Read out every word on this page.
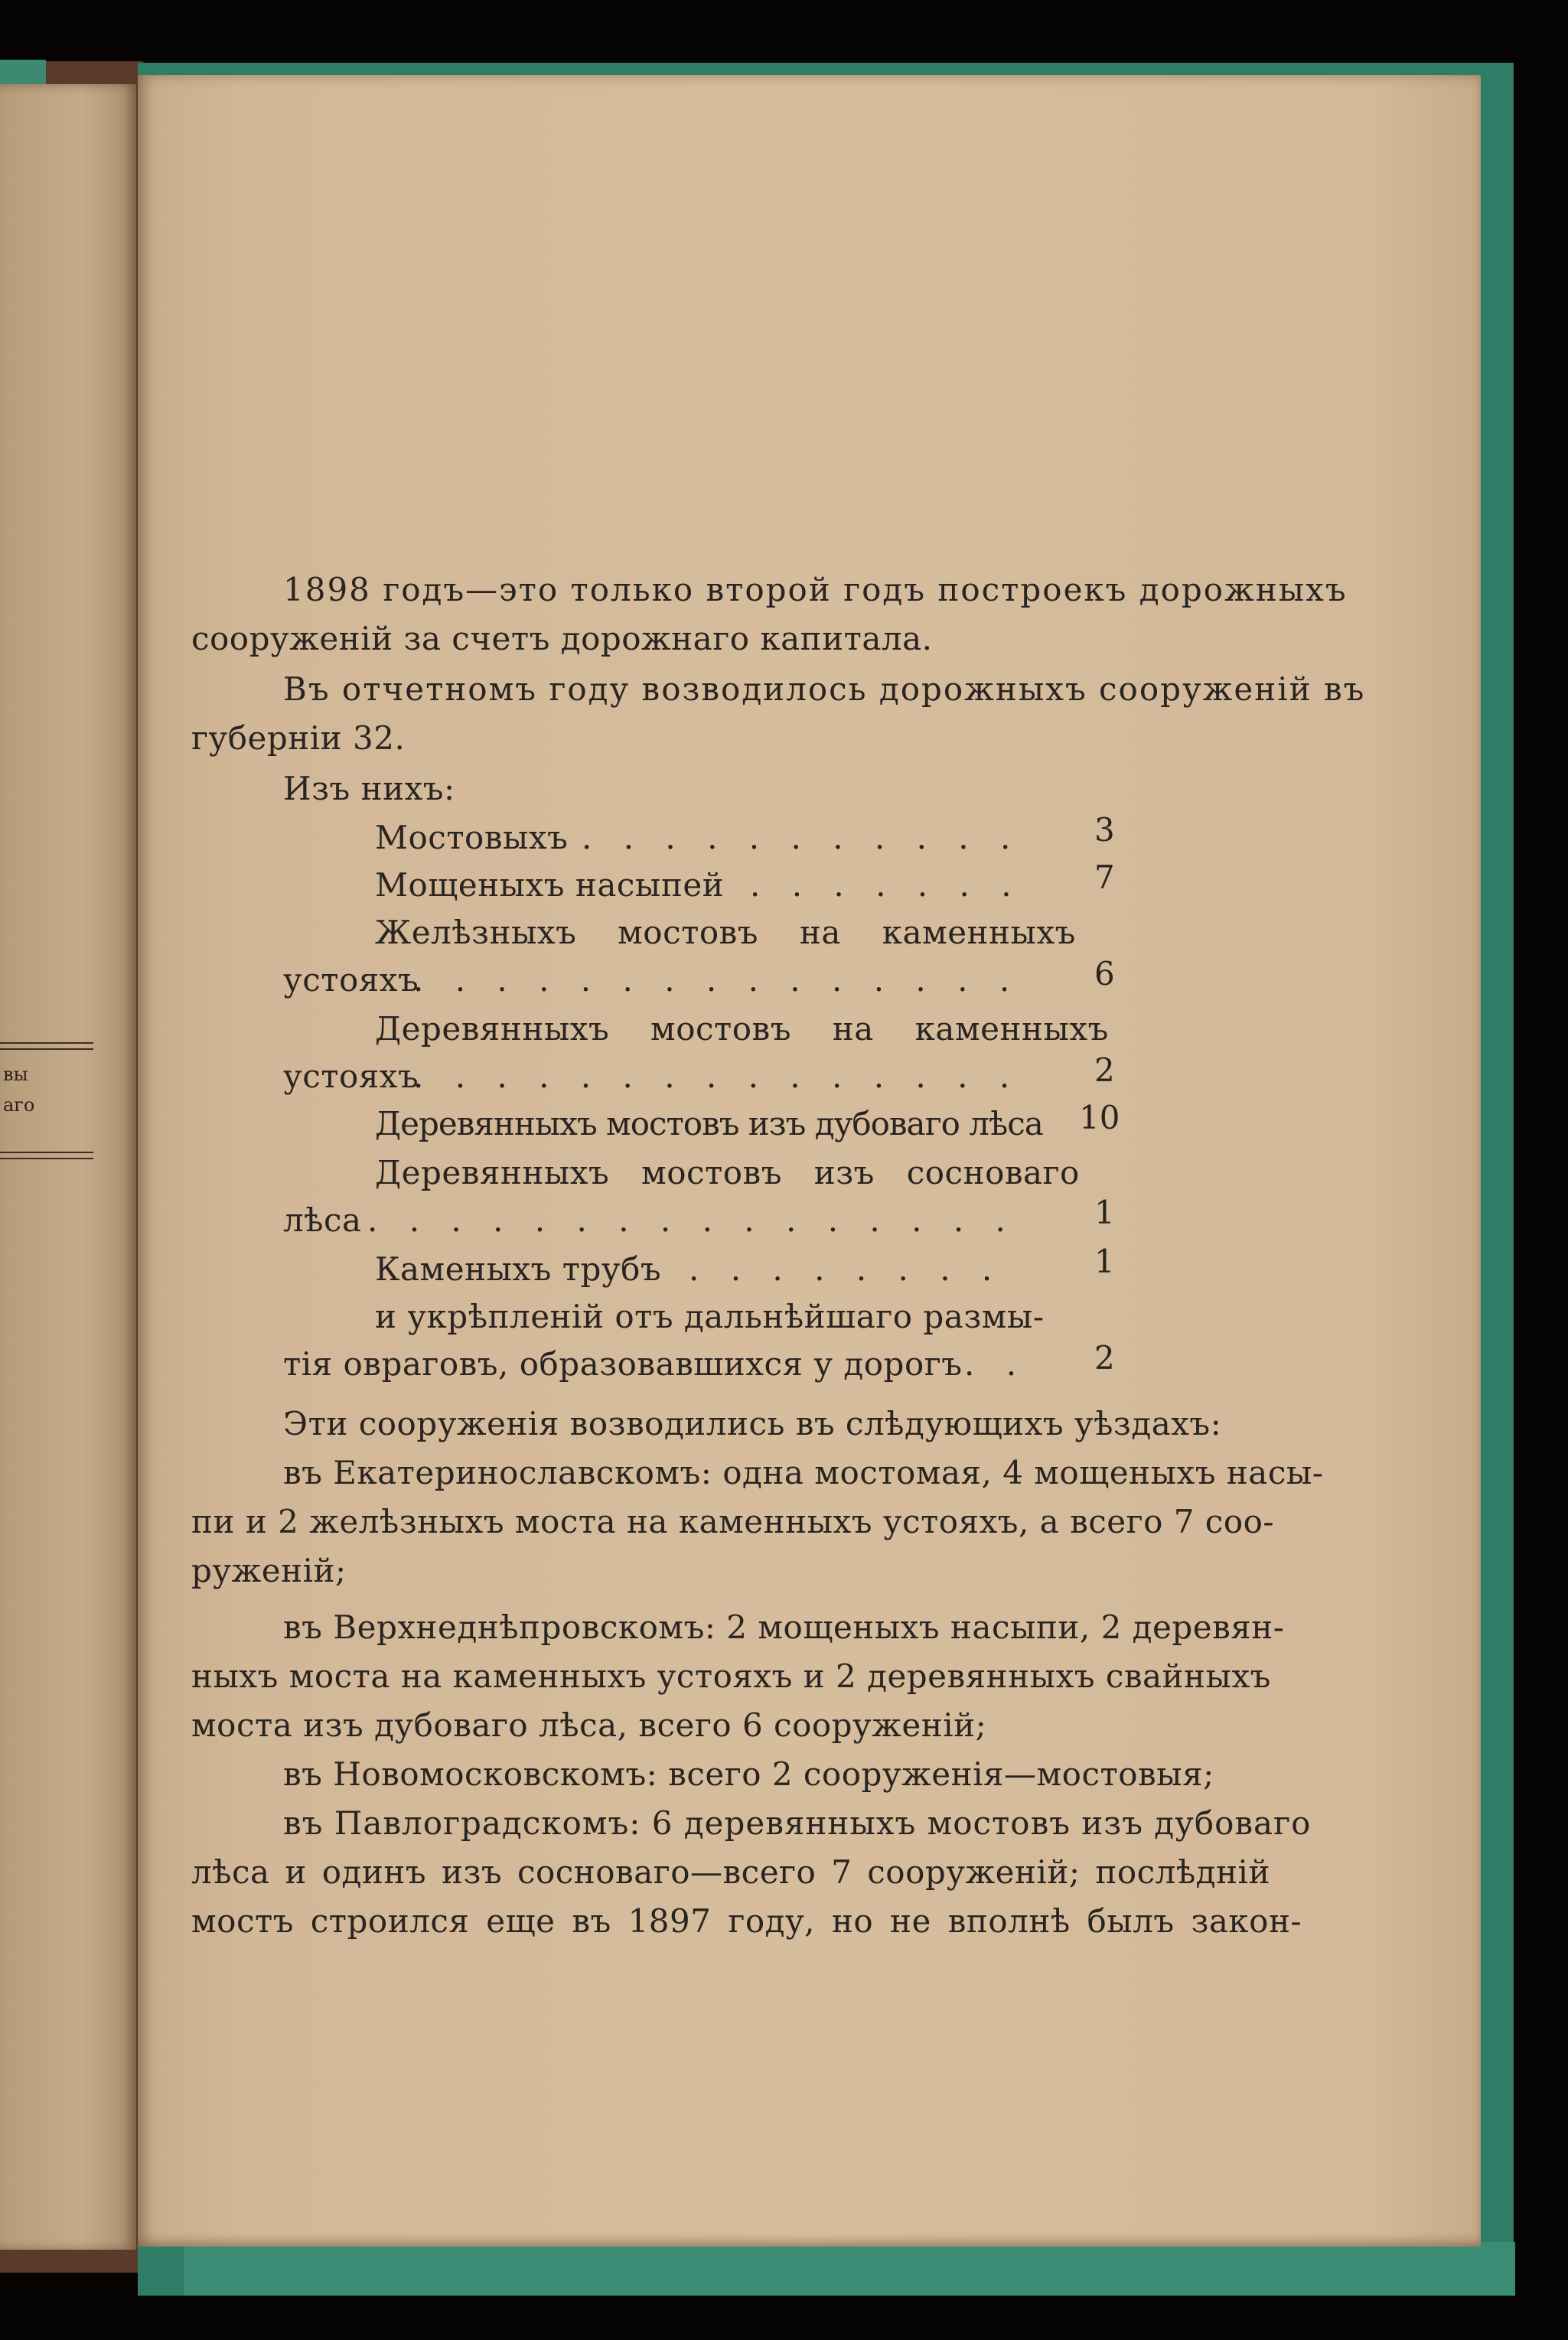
вы
аго
1898 годъ—это только второй годъ построекъ дорожныхъ
сооруженій за счетъ дорожнаго капитала.
Въ отчетномъ году возводилось дорожныхъ сооруженій въ
губерніи 32.
Изъ нихъ:
Мостовыхъ . . . . . . . . . . . 3
Мощеныхъ насыпей . . . . . . . 7
Желѣзныхъ мостовъ на каменныхъ
устояхъ
. . . . . . . . . . . . . . . 6
Деревянныхъ мостовъ на каменныхъ
устояхъ
. . . . . . . . . . . . . . . 2
Деревянныхъ мостовъ изъ дубоваго лѣса 10
Деревянныхъ мостовъ изъ сосноваго
лѣса . . . . . . . . . . . . . . . . 1
Каменыхъ трубъ . . . . . . . .	1
и укрѣпленій отъ дальнѣйшаго размы-
тія овраговъ, образовавшихся у дорогъ . . 2
Эти сооруженія возводились въ слѣдующихъ уѣздахъ:
въ Екатеринославскомъ: одна мостомая, 4 мощеныхъ насы-
пи и 2 желѣзныхъ моста на каменныхъ устояхъ, а всего 7 соо-
руженій;
въ Верхнеднѣпровскомъ: 2 мощеныхъ насыпи, 2 деревян-
ныхъ моста на каменныхъ устояхъ и 2 деревянныхъ свайныхъ
моста изъ дубоваго лѣса, всего 6 сооруженій;
въ Новомосковскомъ: всего 2 сооруженія—мостовыя;
въ Павлоградскомъ: 6 деревянныхъ мостовъ изъ дубоваго
лѣса и одинъ изъ сосноваго—всего 7 сооруженій; послѣдній
мостъ строился еще въ 1897 году, но не вполнѣ былъ закон-
